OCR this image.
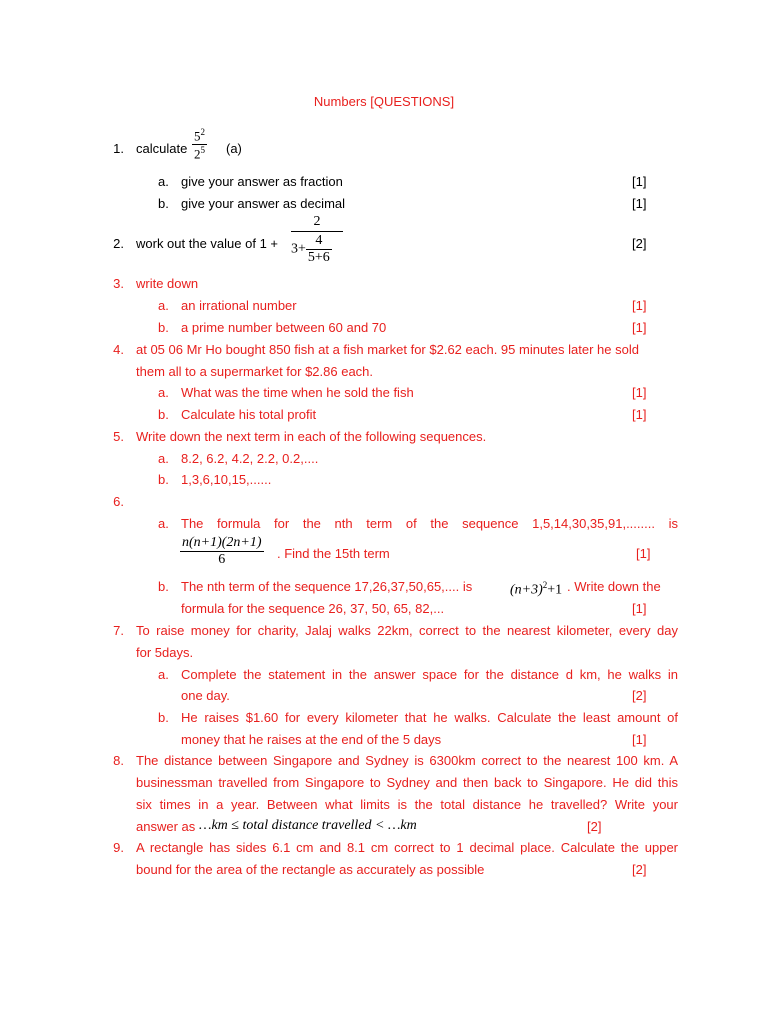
Numbers [QUESTIONS]
1. calculate $\frac{5^2}{2^5} (a)$
a. give your answer as fraction	[1]
b. give your answer as decimal	[1]
2. work out the value of 1 +
2
$3+ \frac{4}{5+6}$	[2]
3. write down
a. an irrational number	[1]
b. a prime number between 60 and 70	[1]
4. at 05 06 Mr Ho bought 850 fish at a fish market for $2.62 each. 95 minutes later he sold
them all to a supermarket for $2.86 each.
a. What was the time when he sold the fish	[1]
b. Calculate his total profit	[1]
5. Write down the next term in each of the following sequences.
a. 8.2, 6.2, 4.2, 2.2, 0.2,....
b. 1,3,6,10,15,......
6.
a. The formula for the nth term of the sequence 1,5,14,30,35,91,........ is
$\frac{n(n+1)(2n+1)}{6}$ . Find the 15th term	[1]
b. The nth term of the sequence 17,26,37,50,65,.... is	$(n+3)^2+1$ . Write down the
formula for the sequence 26, 37, 50, 65, 82,...	[1]
7. To raise money for charity, Jalaj walks 22km, correct to the nearest kilometer, every day
for 5days.
a. Complete the statement in the answer space for the distance d km, he walks in
one day.	[2]
b. He raises $1.60 for every kilometer that he walks. Calculate the least amount of
money that he raises at the end of the 5 days	[1]
8. The distance between Singapore and Sydney is 6300km correct to the nearest 100 km. A
businessman travelled from Singapore to Sydney and then back to Singapore. He did this
six times in a year. Between what limits is the total distance he travelled? Write your
answer as …km ≤ total distance travelled < …km	[2]
9. A rectangle has sides 6.1 cm and 8.1 cm correct to 1 decimal place. Calculate the upper
bound for the area of the rectangle as accurately as possible	[2]
